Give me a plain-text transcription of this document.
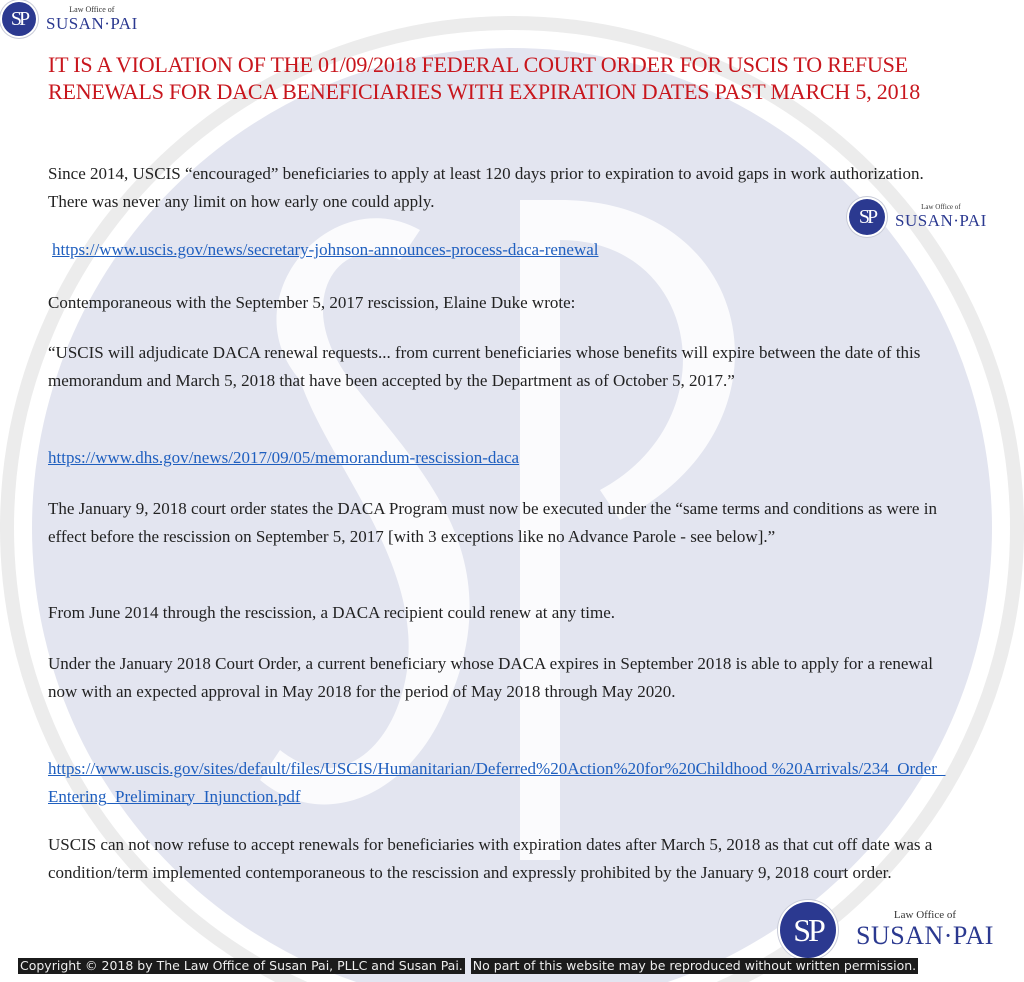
SP	Law Office of
SUSAN·PAI
IT IS A VIOLATION OF THE 01/09/2018 FEDERAL COURT ORDER FOR USCIS TO REFUSE RENEWALS FOR DACA BENEFICIARIES WITH EXPIRATION DATES PAST MARCH 5, 2018

Since 2014, USCIS “encouraged” beneficiaries to apply at least 120 days prior to expiration to avoid gaps in work authorization. There was never any limit on how early one could apply.

SP	Law Office of
SUSAN·PAI
https://www.uscis.gov/news/secretary-johnson-announces-process-daca-renewal

Contemporaneous with the September 5, 2017 rescission, Elaine Duke wrote:

“USCIS will adjudicate DACA renewal requests... from current beneficiaries whose benefits will expire between the date of this memorandum and March 5, 2018 that have been accepted by the Department as of October 5, 2017.”

https://www.dhs.gov/news/2017/09/05/memorandum-rescission-daca

The January 9, 2018 court order states the DACA Program must now be executed under the “same terms and conditions as were in effect before the rescission on September 5, 2017 [with 3 exceptions like no Advance Parole - see below].”

From June 2014 through the rescission, a DACA recipient could renew at any time.

Under the January 2018 Court Order, a current beneficiary whose DACA expires in September 2018 is able to apply for a renewal now with an expected approval in May 2018 for the period of May 2018 through May 2020.

https://www.uscis.gov/sites/default/files/USCIS/Humanitarian/Deferred%20Action%20for%20Childhood %20Arrivals/234_Order_Entering_Preliminary_Injunction.pdf

USCIS can not now refuse to accept renewals for beneficiaries with expiration dates after March 5, 2018 as that cut off date was a condition/term implemented contemporaneous to the rescission and expressly prohibited by the January 9, 2018 court order.

SP	Law Office of
SUSAN·PAI
Copyright © 2018 by The Law Office of Susan Pai, PLLC and Susan Pai. No part of this website may be reproduced without written permission.
